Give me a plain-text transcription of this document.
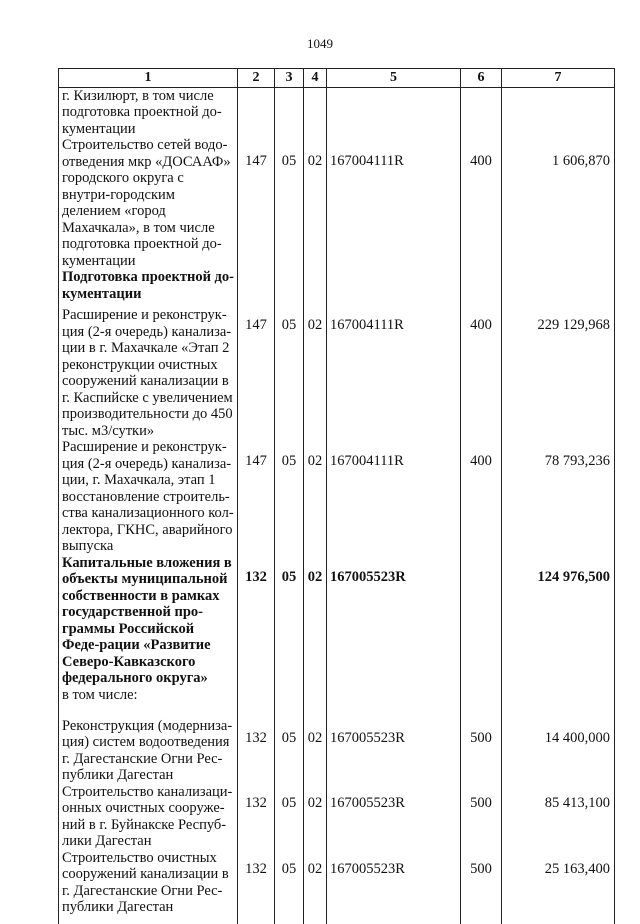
1049
1	2	3	4	5	6	7
г. Кизилюрт, в том числе подготовка проектной до-кументации						
Строительство сетей водо-отведения мкр «ДОСААФ» городского округа с внутри-городским делением «город Махачкала», в том числе подготовка проектной до-кументации	147	05	02	167004111R	400	1 606,870
Подготовка проектной до-кументации						
Расширение и реконструк-ция (2-я очередь) канализа-ции в г. Махачкале «Этап 2 реконструкции очистных сооружений канализации в г. Каспийске с увеличением производительности до 450 тыс. м3/сутки»	147	05	02	167004111R	400	229 129,968
Расширение и реконструк-ция (2-я очередь) канализа-ции, г. Махачкала, этап 1 восстановление строитель-ства канализационного кол-лектора, ГКНС, аварийного выпуска	147	05	02	167004111R	400	78 793,236
Капитальные вложения в объекты муниципальной собственности в рамках государственной про-граммы Российской Феде-рации «Развитие Северо-Кавказского федерального округа»	132	05	02	167005523R		124 976,500
в том числе:						
Реконструкция (модерниза-ция) систем водоотведения г. Дагестанские Огни Рес-публики Дагестан	132	05	02	167005523R	500	14 400,000
Строительство канализаци-онных очистных сооруже-ний в г. Буйнакске Респуб-лики Дагестан	132	05	02	167005523R	500	85 413,100
Строительство очистных сооружений канализации в г. Дагестанские Огни Рес-публики Дагестан	132	05	02	167005523R	500	25 163,400
